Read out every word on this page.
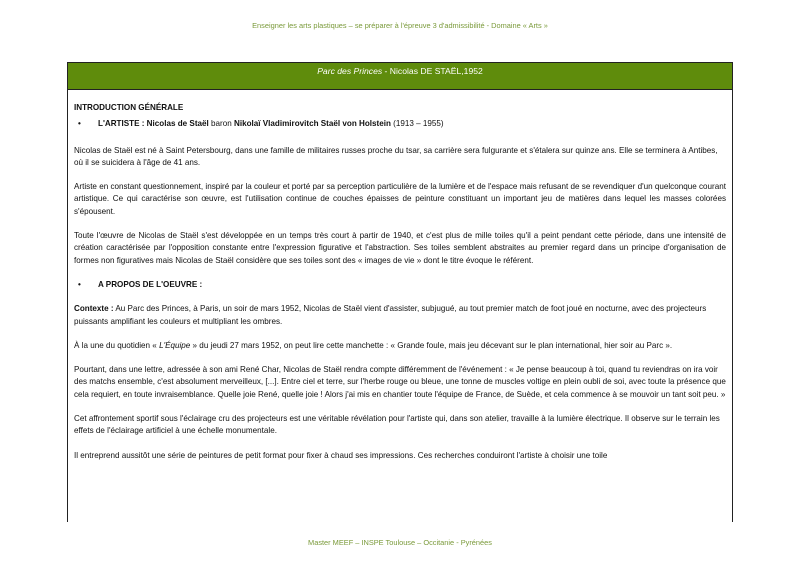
Enseigner les arts plastiques – se préparer à l'épreuve 3 d'admissibilité - Domaine « Arts »
Parc des Princes - Nicolas DE STAËL,1952

INTRODUCTION GÉNÉRALE

•	L'ARTISTE : Nicolas de Staël baron Nikolaï Vladimirovitch Staël von Holstein (1913 – 1955)

Nicolas de Staël est né à Saint Petersbourg, dans une famille de militaires russes proche du tsar, sa carrière sera fulgurante et s'étalera sur quinze ans. Elle se terminera à Antibes, où il se suicidera à l'âge de 41 ans.

Artiste en constant questionnement, inspiré par la couleur et porté par sa perception particulière de la lumière et de l'espace mais refusant de se revendiquer d'un quelconque courant artistique. Ce qui caractérise son œuvre, est l'utilisation continue de couches épaisses de peinture constituant un important jeu de matières dans lequel les masses colorées s'épousent.

Toute l'œuvre de Nicolas de Staël s'est développée en un temps très court à partir de 1940, et c'est plus de mille toiles qu'il a peint pendant cette période, dans une intensité de création caractérisée par l'opposition constante entre l'expression figurative et l'abstraction. Ses toiles semblent abstraites au premier regard dans un principe d'organisation de formes non figuratives mais Nicolas de Staël considère que ses toiles sont des « images de vie » dont le titre évoque le référent.

•	A PROPOS DE L'OEUVRE :

Contexte : Au Parc des Princes, à Paris, un soir de mars 1952, Nicolas de Staël vient d'assister, subjugué, au tout premier match de foot joué en nocturne, avec des projecteurs puissants amplifiant les couleurs et multipliant les ombres.

À la une du quotidien « L'Équipe » du jeudi 27 mars 1952, on peut lire cette manchette : « Grande foule, mais jeu décevant sur le plan international, hier soir au Parc ».

Pourtant, dans une lettre, adressée à son ami René Char, Nicolas de Staël rendra compte différemment de l'événement : « Je pense beaucoup à toi, quand tu reviendras on ira voir des matchs ensemble, c'est absolument merveilleux, [...]. Entre ciel et terre, sur l'herbe rouge ou bleue, une tonne de muscles voltige en plein oubli de soi, avec toute la présence que cela requiert, en toute invraisemblance. Quelle joie René, quelle joie ! Alors j'ai mis en chantier toute l'équipe de France, de Suède, et cela commence à se mouvoir un tant soit peu. »

Cet affrontement sportif sous l'éclairage cru des projecteurs est une véritable révélation pour l'artiste qui, dans son atelier, travaille à la lumière électrique. Il observe sur le terrain les effets de l'éclairage artificiel à une échelle monumentale.

Il entreprend aussitôt une série de peintures de petit format pour fixer à chaud ses impressions. Ces recherches conduiront l'artiste à choisir une toile

Master MEEF – INSPE Toulouse – Occitanie - Pyrénées
